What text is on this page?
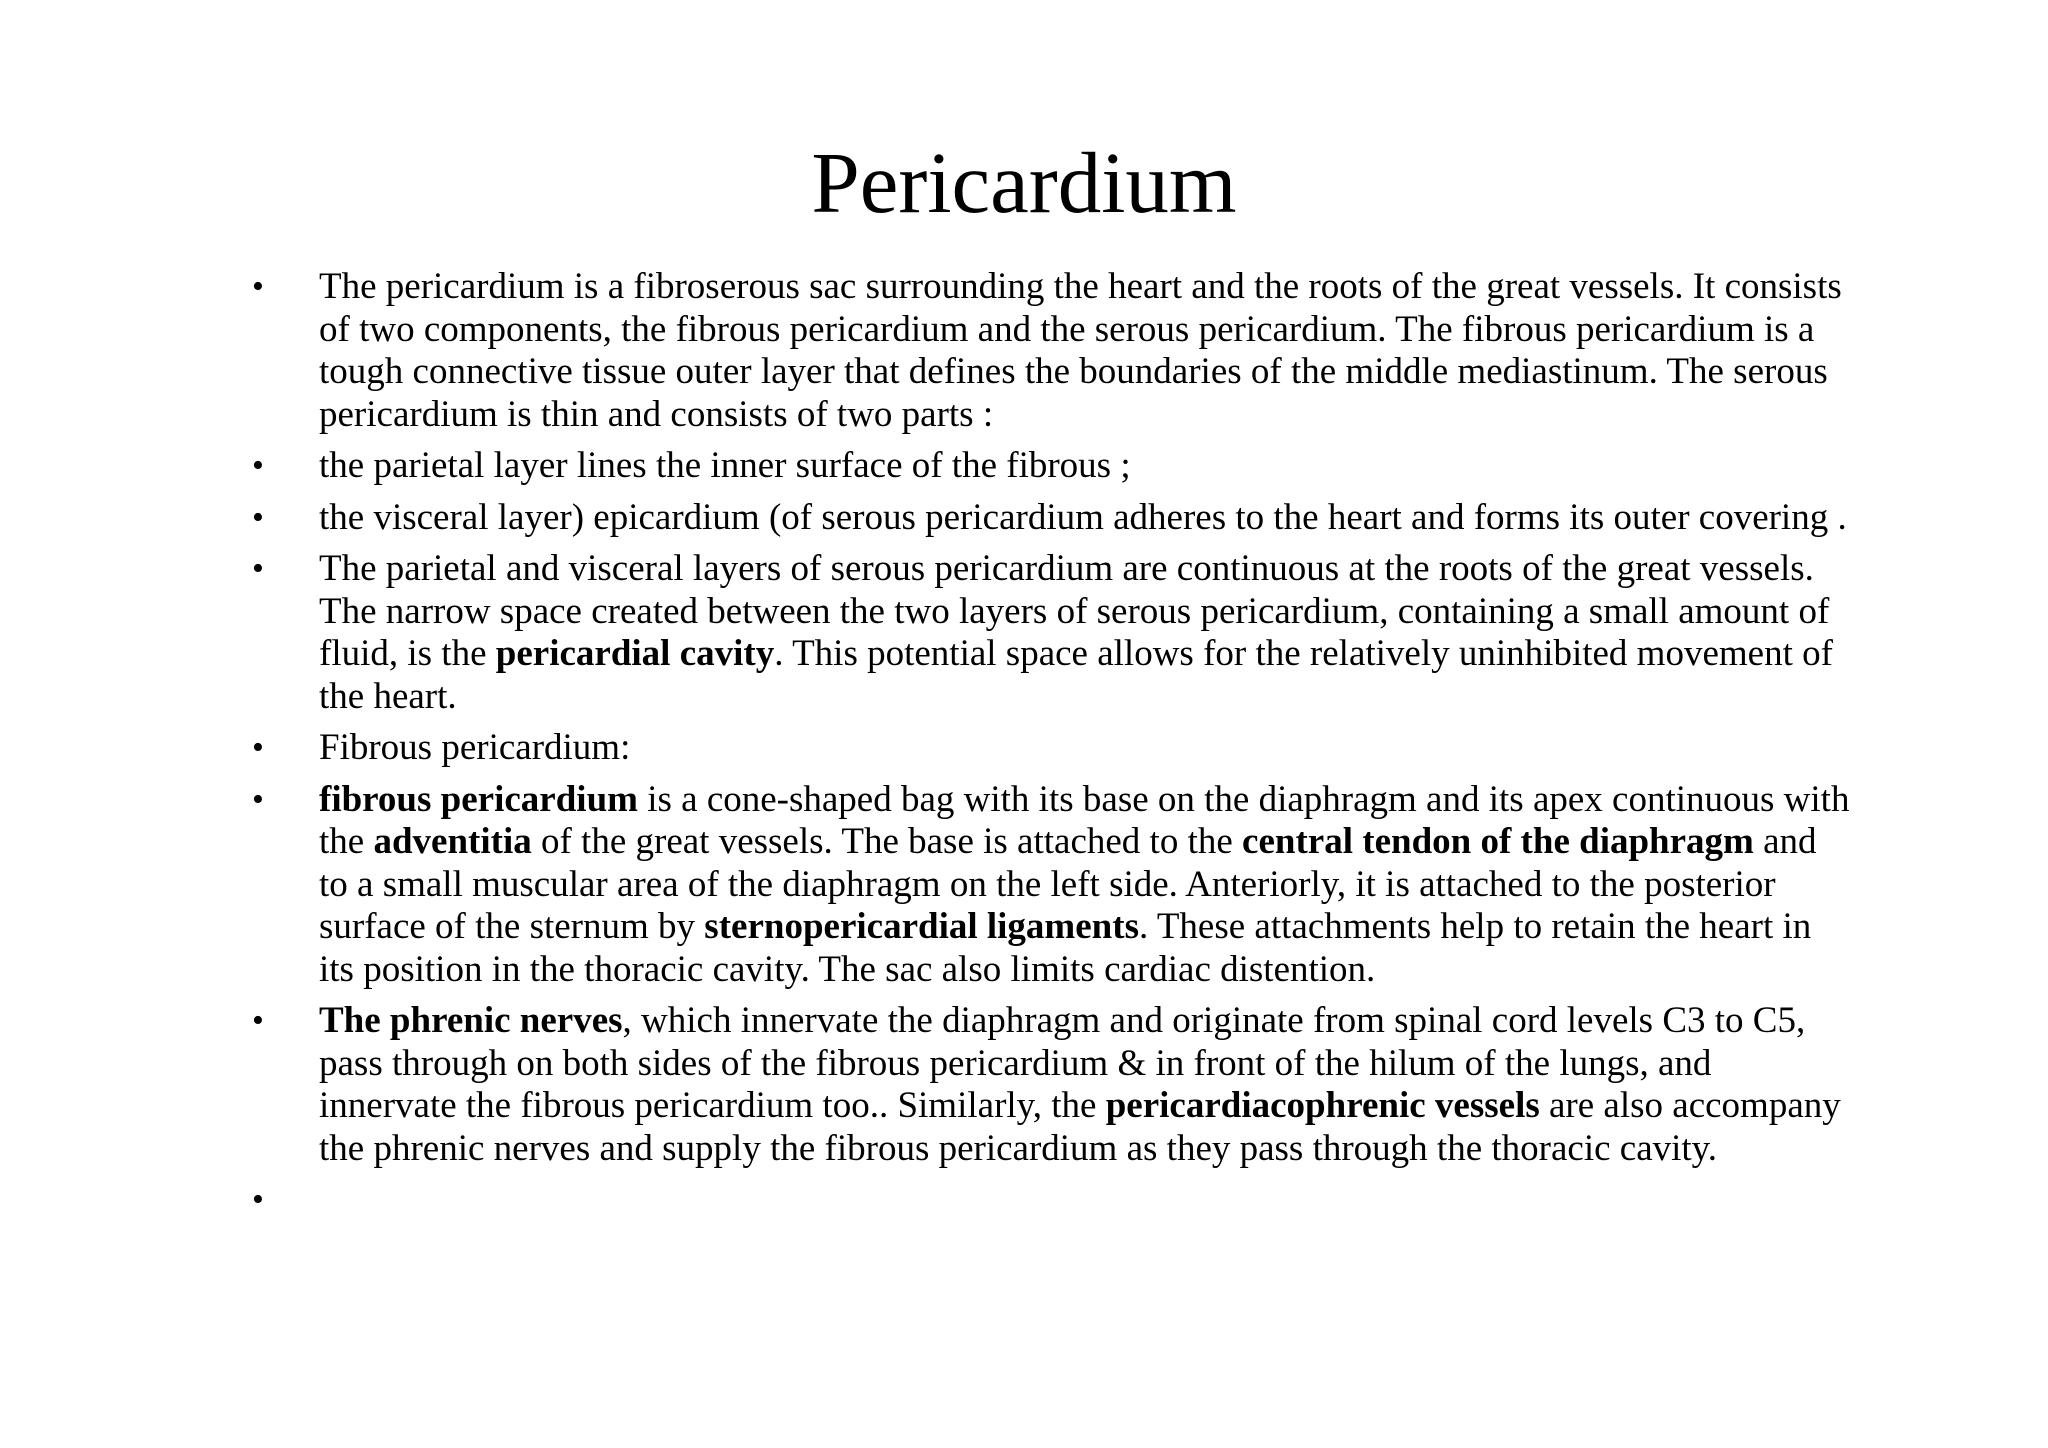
Pericardium
•	The pericardium is a fibroserous sac surrounding the heart and the roots of the great vessels. It consists of two components, the fibrous pericardium and the serous pericardium. The fibrous pericardium is a tough connective tissue outer layer that defines the boundaries of the middle mediastinum. The serous pericardium is thin and consists of two parts :
•	the parietal layer lines the inner surface of the fibrous ;
•	the visceral layer) epicardium (of serous pericardium adheres to the heart and forms its outer covering .
•	The parietal and visceral layers of serous pericardium are continuous at the roots of the great vessels. The narrow space created between the two layers of serous pericardium, containing a small amount of fluid, is the pericardial cavity. This potential space allows for the relatively uninhibited movement of the heart.
•	Fibrous pericardium:
•	fibrous pericardium is a cone-shaped bag with its base on the diaphragm and its apex continuous with the adventitia of the great vessels. The base is attached to the central tendon of the diaphragm and to a small muscular area of the diaphragm on the left side. Anteriorly, it is attached to the posterior surface of the sternum by sternopericardial ligaments. These attachments help to retain the heart in its position in the thoracic cavity. The sac also limits cardiac distention.
•	The phrenic nerves, which innervate the diaphragm and originate from spinal cord levels C3 to C5, pass through on both sides of the fibrous pericardium & in front of the hilum of the lungs, and innervate the fibrous pericardium too.. Similarly, the pericardiacophrenic vessels are also accompany the phrenic nerves and supply the fibrous pericardium as they pass through the thoracic cavity.
•
